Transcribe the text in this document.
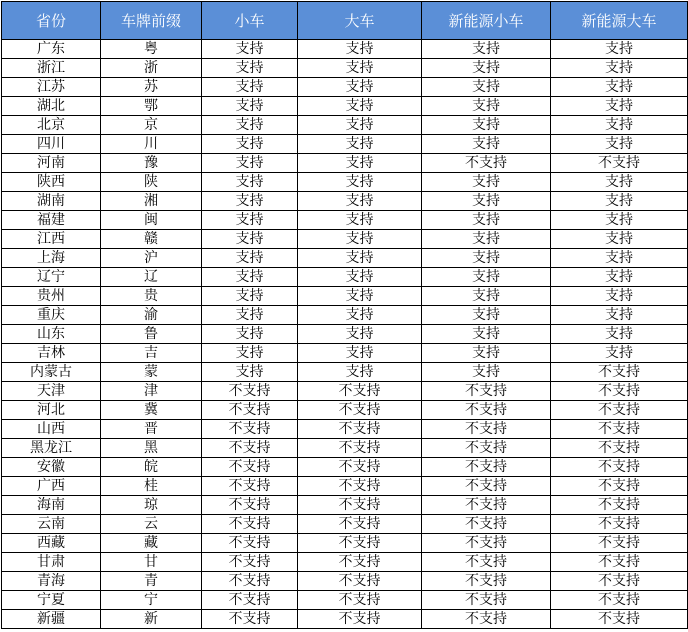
省份	车牌前缀	小车	大车	新能源小车	新能源大车
广东	粤	支持	支持	支持	支持
浙江	浙	支持	支持	支持	支持
江苏	苏	支持	支持	支持	支持
湖北	鄂	支持	支持	支持	支持
北京	京	支持	支持	支持	支持
四川	川	支持	支持	支持	支持
河南	豫	支持	支持	不支持	不支持
陕西	陕	支持	支持	支持	支持
湖南	湘	支持	支持	支持	支持
福建	闽	支持	支持	支持	支持
江西	赣	支持	支持	支持	支持
上海	沪	支持	支持	支持	支持
辽宁	辽	支持	支持	支持	支持
贵州	贵	支持	支持	支持	支持
重庆	渝	支持	支持	支持	支持
山东	鲁	支持	支持	支持	支持
吉林	吉	支持	支持	支持	支持
内蒙古	蒙	支持	支持	支持	不支持
天津	津	不支持	不支持	不支持	不支持
河北	冀	不支持	不支持	不支持	不支持
山西	晋	不支持	不支持	不支持	不支持
黑龙江	黑	不支持	不支持	不支持	不支持
安徽	皖	不支持	不支持	不支持	不支持
广西	桂	不支持	不支持	不支持	不支持
海南	琼	不支持	不支持	不支持	不支持
云南	云	不支持	不支持	不支持	不支持
西藏	藏	不支持	不支持	不支持	不支持
甘肃	甘	不支持	不支持	不支持	不支持
青海	青	不支持	不支持	不支持	不支持
宁夏	宁	不支持	不支持	不支持	不支持
新疆	新	不支持	不支持	不支持	不支持
